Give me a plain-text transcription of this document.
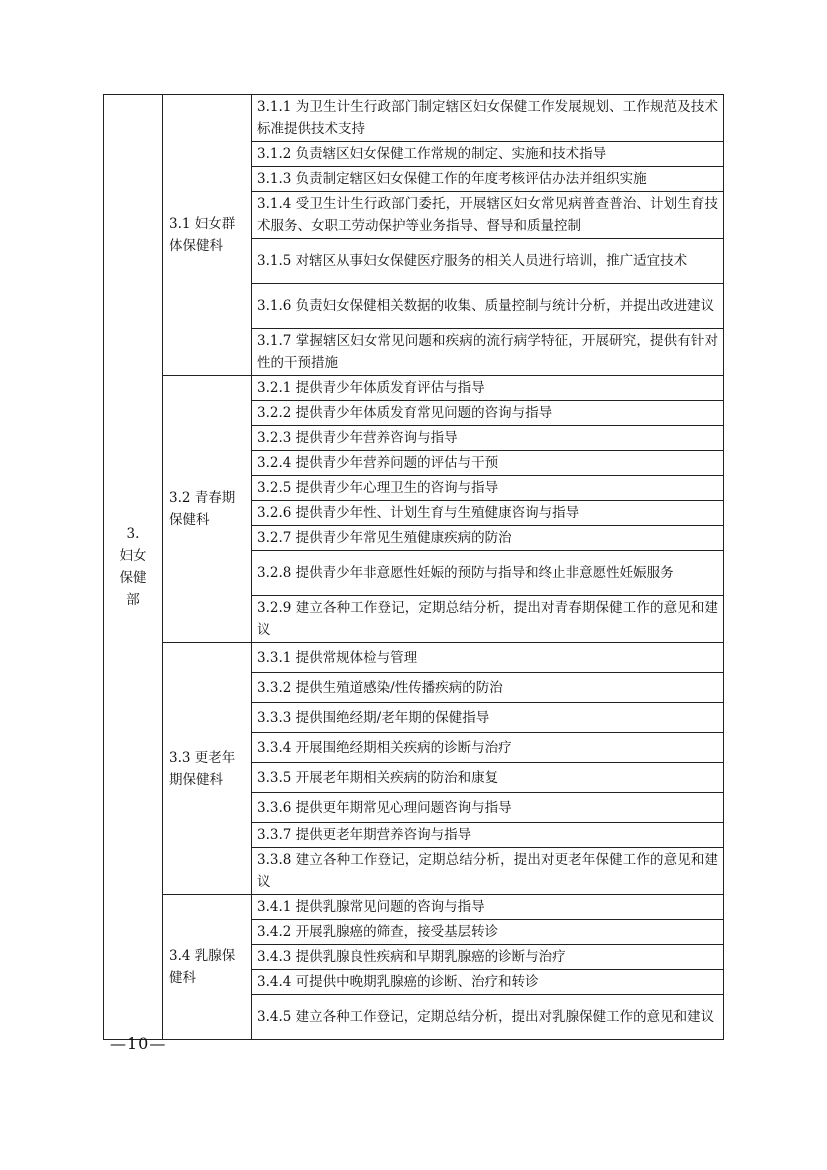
3.
妇女保健部	3.1 妇女群体保健科	3.1.1 为卫生计生行政部门制定辖区妇女保健工作发展规划、工作规范及技术标准提供技术支持
		3.1.2 负责辖区妇女保健工作常规的制定、实施和技术指导
		3.1.3 负责制定辖区妇女保健工作的年度考核评估办法并组织实施
		3.1.4 受卫生计生行政部门委托，开展辖区妇女常见病普查普治、计划生育技术服务、女职工劳动保护等业务指导、督导和质量控制
		3.1.5 对辖区从事妇女保健医疗服务的相关人员进行培训，推广适宜技术
		3.1.6 负责妇女保健相关数据的收集、质量控制与统计分析，并提出改进建议
		3.1.7 掌握辖区妇女常见问题和疾病的流行病学特征，开展研究，提供有针对性的干预措施
	3.2 青春期保健科	3.2.1 提供青少年体质发育评估与指导
		3.2.2 提供青少年体质发育常见问题的咨询与指导
		3.2.3 提供青少年营养咨询与指导
		3.2.4 提供青少年营养问题的评估与干预
		3.2.5 提供青少年心理卫生的咨询与指导
		3.2.6 提供青少年性、计划生育与生殖健康咨询与指导
		3.2.7 提供青少年常见生殖健康疾病的防治
		3.2.8 提供青少年非意愿性妊娠的预防与指导和终止非意愿性妊娠服务
		3.2.9 建立各种工作登记，定期总结分析，提出对青春期保健工作的意见和建议
	3.3 更老年期保健科	3.3.1 提供常规体检与管理
		3.3.2 提供生殖道感染/性传播疾病的防治
		3.3.3 提供围绝经期/老年期的保健指导
		3.3.4 开展围绝经期相关疾病的诊断与治疗
		3.3.5 开展老年期相关疾病的防治和康复
		3.3.6 提供更年期常见心理问题咨询与指导
		3.3.7 提供更老年期营养咨询与指导
		3.3.8 建立各种工作登记，定期总结分析，提出对更老年保健工作的意见和建议
	3.4 乳腺保健科	3.4.1 提供乳腺常见问题的咨询与指导
		3.4.2 开展乳腺癌的筛查，接受基层转诊
		3.4.3 提供乳腺良性疾病和早期乳腺癌的诊断与治疗
		3.4.4 可提供中晚期乳腺癌的诊断、治疗和转诊
		3.4.5 建立各种工作登记，定期总结分析，提出对乳腺保健工作的意见和建议
—10—
